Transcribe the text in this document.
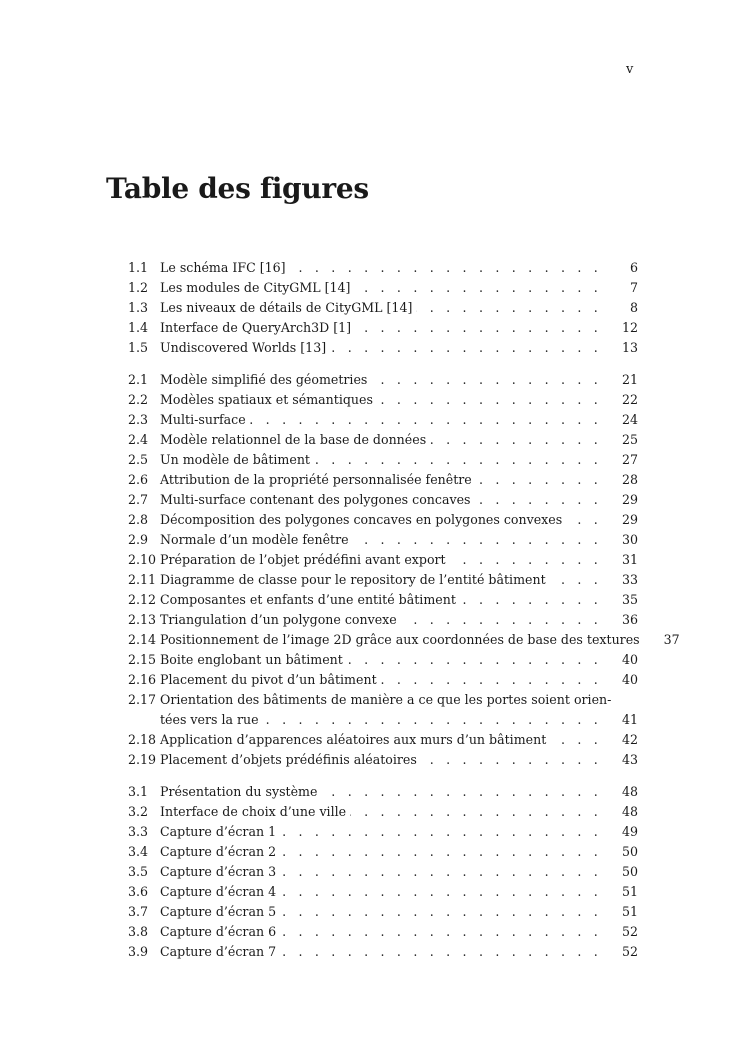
v
Table des figures
1.1 Le schéma IFC [16] . . .	6
1.2 Les modules de CityGML [14] . . .	7
1.3 Les niveaux de détails de CityGML [14] . . .	8
1.4 Interface de QueryArch3D [1] . . .	12
1.5 Undiscovered Worlds [13] . . .	13
2.1 Modèle simplifié des géometries . . .	21
2.2 Modèles spatiaux et sémantiques . . .	22
2.3 Multi-surface . . .	24
2.4 Modèle relationnel de la base de données . . .	25
2.5 Un modèle de bâtiment . . .	27
2.6 Attribution de la propriété personnalisée fenêtre . . .	28
2.7 Multi-surface contenant des polygones concaves . . .	29
2.8 Décomposition des polygones concaves en polygones convexes . . .	29
2.9 Normale d’un modèle fenêtre . . .	30
2.10 Préparation de l’objet prédéfini avant export . . .	31
2.11 Diagramme de classe pour le repository de l’entité bâtiment . . .	33
2.12 Composantes et enfants d’une entité bâtiment . . .	35
2.13 Triangulation d’un polygone convexe . . .	36
2.14 Positionnement de l’image 2D grâce aux coordonnées de base des textures	37
2.15 Boite englobant un bâtiment . . .	40
2.16 Placement du pivot d’un bâtiment . . .	40
2.17 Orientation des bâtiments de manière a ce que les portes soient orien-
tées vers la rue . . .	41
2.18 Application d’apparences aléatoires aux murs d’un bâtiment . . .	42
2.19 Placement d’objets prédéfinis aléatoires . . .	43
3.1 Présentation du système . . .	48
3.2 Interface de choix d’une ville . . .	48
3.3 Capture d’écran 1 . . .	49
3.4 Capture d’écran 2 . . .	50
3.5 Capture d’écran 3 . . .	50
3.6 Capture d’écran 4 . . .	51
3.7 Capture d’écran 5 . . .	51
3.8 Capture d’écran 6 . . .	52
3.9 Capture d’écran 7 . . .	52
